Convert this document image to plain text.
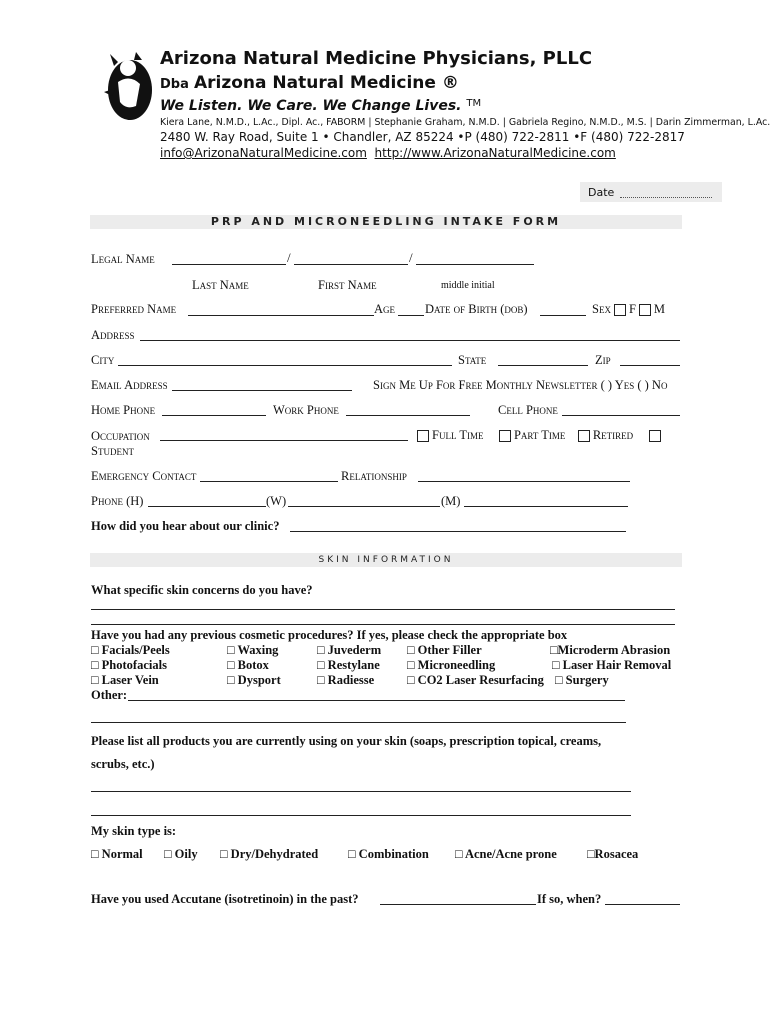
Arizona Natural Medicine Physicians, PLLC
Dba Arizona Natural Medicine ®
We Listen. We Care. We Change Lives. ™
Kiera Lane, N.M.D., L.Ac., Dipl. Ac., FABORM | Stephanie Graham, N.M.D. | Gabriela Regino, N.M.D., M.S. | Darin Zimmerman, L.Ac.
2480 W. Ray Road, Suite 1 • Chandler, AZ 85224 •P (480) 722-2811 •F (480) 722-2817
info@ArizonaNaturalMedicine.com http://www.ArizonaNaturalMedicine.com
Date
PRP AND MICRONEEDLING INTAKE FORM
Legal Name	/	/
Last Name	First Name	middle initial
Preferred Name	Age Date of Birth (dob)	Sex F M
Address
City	State	Zip
Email Address	Sign Me Up For Free Monthly Newsletter ( ) Yes ( ) No
Home Phone	Work Phone	Cell Phone
Occupation	Full Time Part Time Retired
Student
Emergency Contact	Relationship
Phone (H)	(W)	(M)
How did you hear about our clinic?
SKIN INFORMATION
What specific skin concerns do you have?
Have you had any previous cosmetic procedures? If yes, please check the appropriate box
□ Facials/Peels	□ Waxing	□ Juvederm □ Other Filler	□Microderm Abrasion
□ Photofacials	□ Botox	□ Restylane □ Microneedling	□ Laser Hair Removal
□ Laser Vein	□ Dysport	□ Radiesse	□ CO2 Laser Resurfacing □ Surgery
Other:
Please list all products you are currently using on your skin (soaps, prescription topical, creams,
scrubs, etc.)
My skin type is:
□ Normal □ Oily □ Dry/Dehydrated □ Combination □ Acne/Acne prone □Rosacea
Have you used Accutane (isotretinoin) in the past?	If so, when?
